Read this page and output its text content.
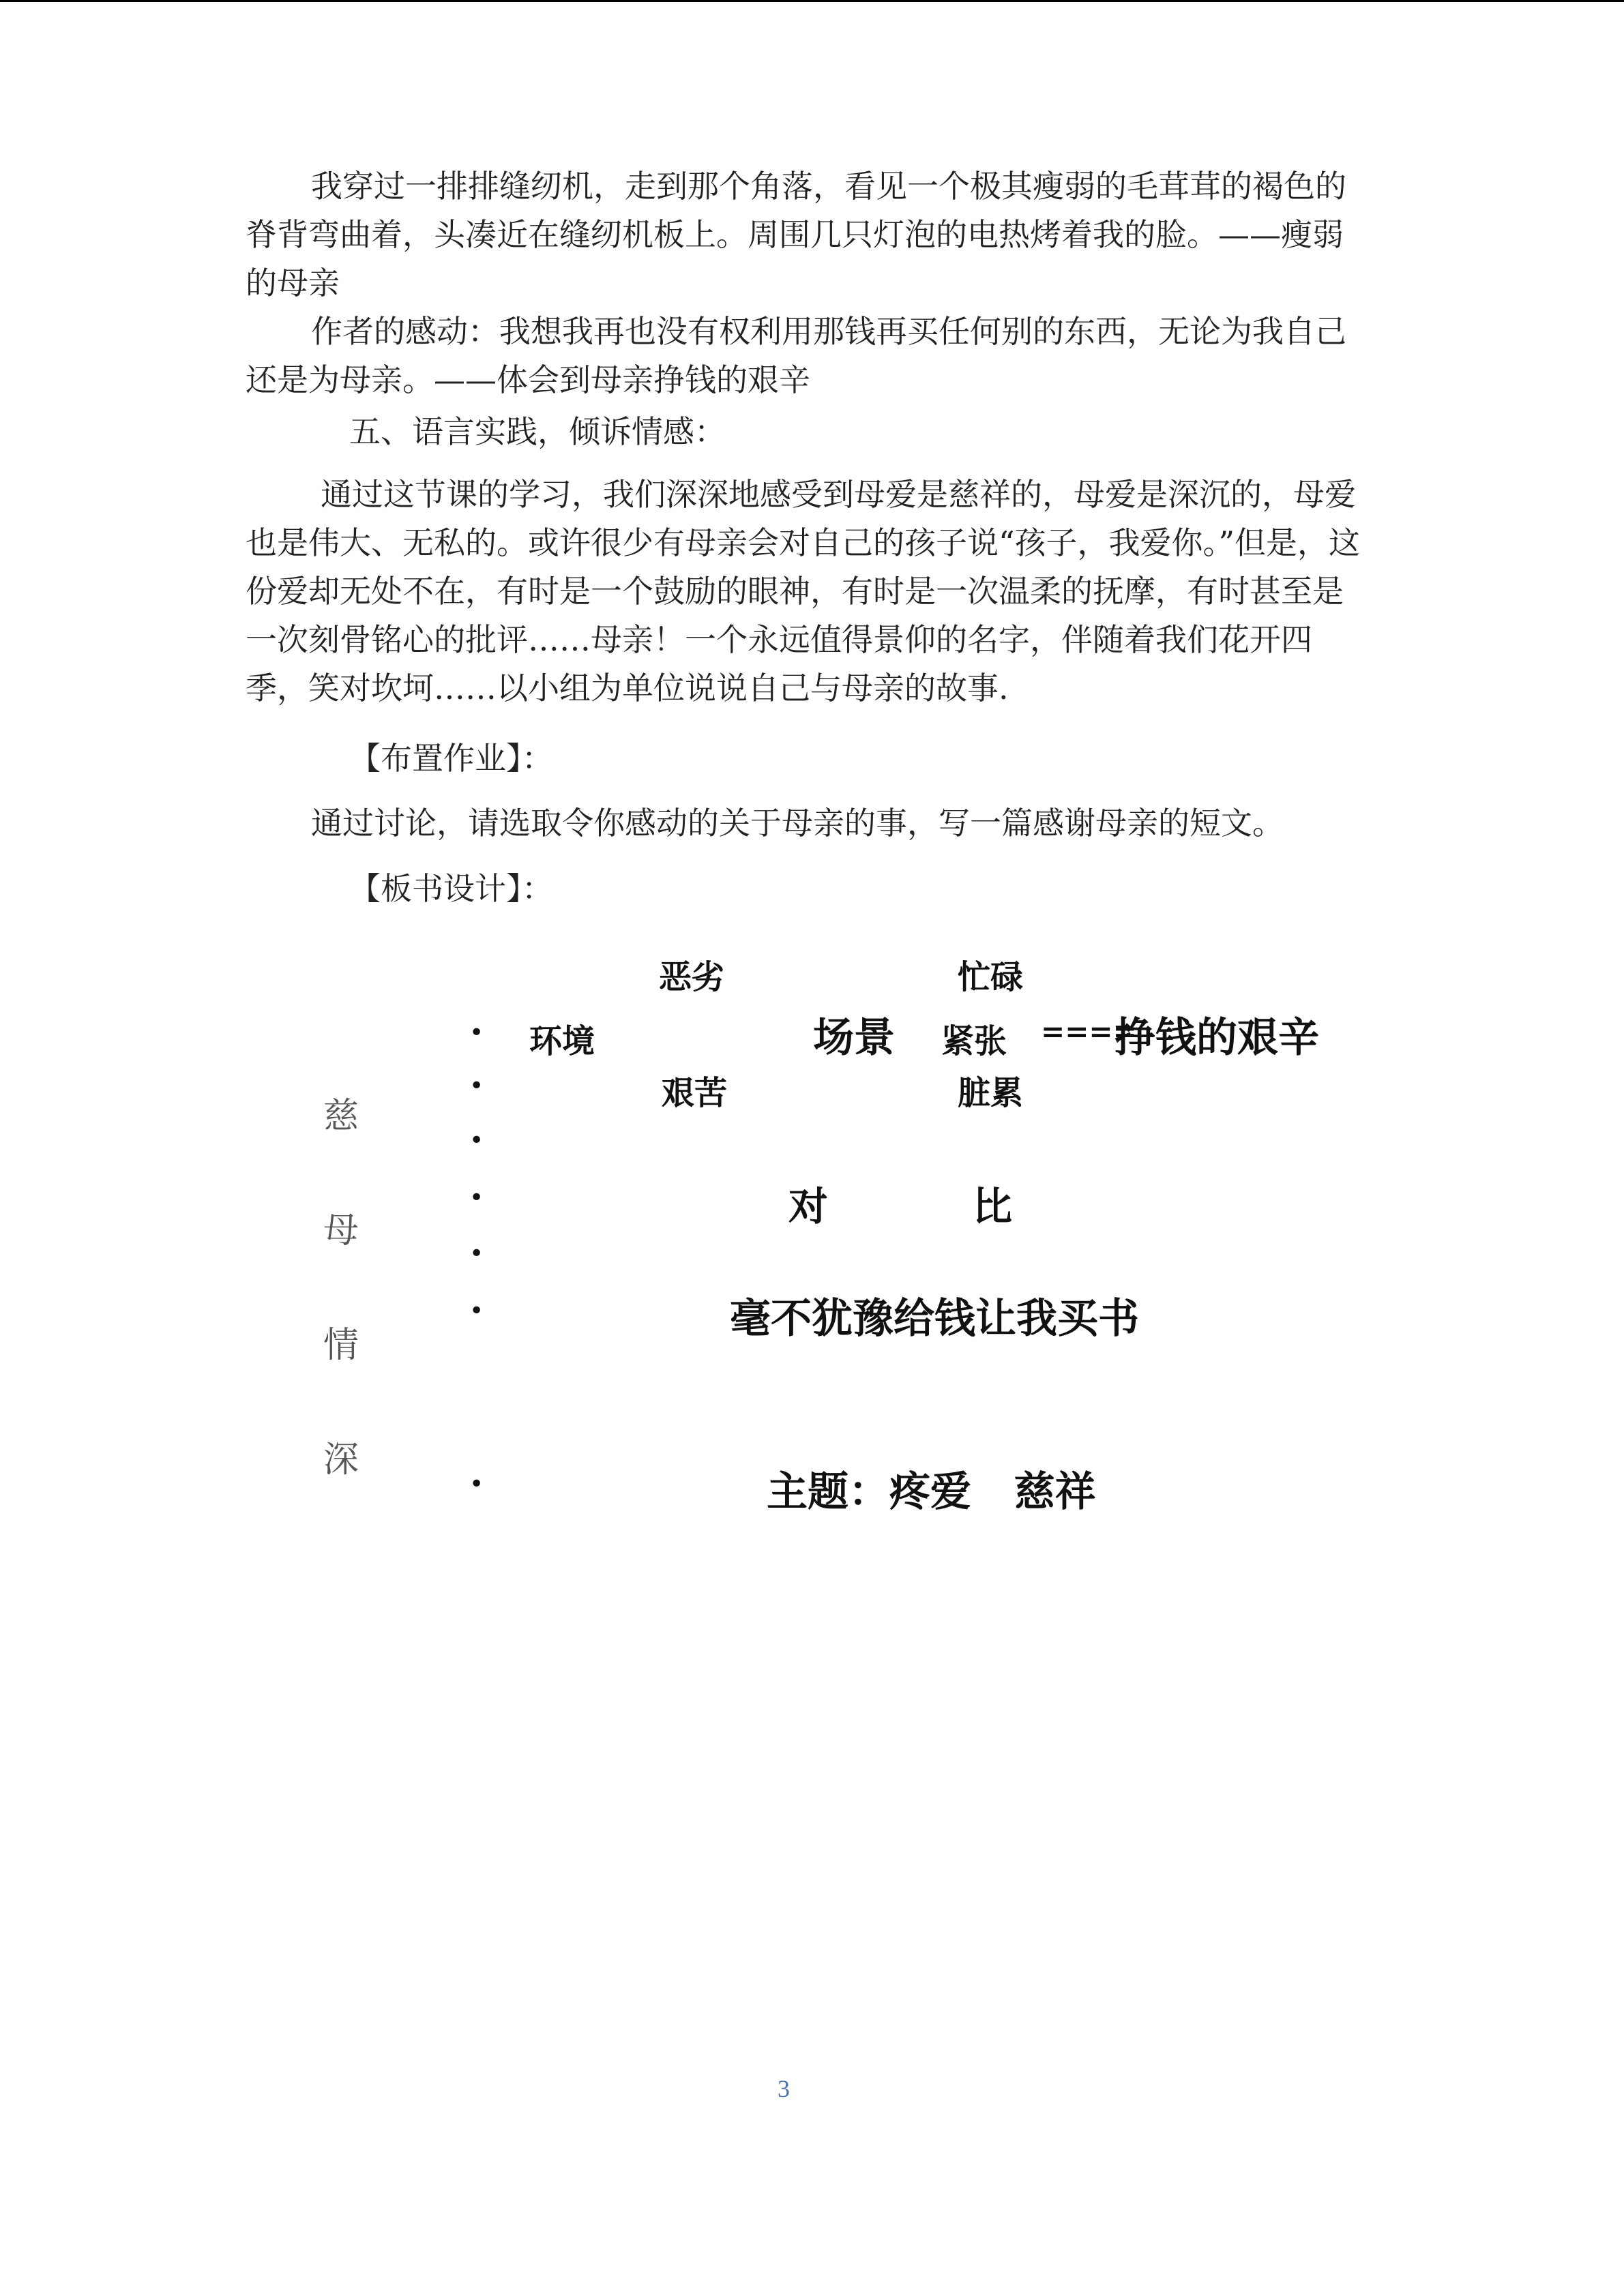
我穿过一排排缝纫机，走到那个角落，看见一个极其瘦弱的毛茸茸的褐色的脊背弯曲着，头凑近在缝纫机板上。周围几只灯泡的电热烤着我的脸。——瘦弱的母亲

作者的感动：我想我再也没有权利用那钱再买任何别的东西，无论为我自己还是为母亲。——体会到母亲挣钱的艰辛

五、语言实践，倾诉情感：

通过这节课的学习，我们深深地感受到母爱是慈祥的，母爱是深沉的，母爱也是伟大、无私的。或许很少有母亲会对自己的孩子说“孩子，我爱你。”但是，这份爱却无处不在，有时是一个鼓励的眼神，有时是一次温柔的抚摩，有时甚至是一次刻骨铭心的批评……母亲！一个永远值得景仰的名字，伴随着我们花开四季，笑对坎坷……以小组为单位说说自己与母亲的故事.

【布置作业】：

通过讨论，请选取令你感动的关于母亲的事，写一篇感谢母亲的短文。

【板书设计】：

慈
母
情
深
恶劣	忙碌
• 环境	场景 紧张 ====
挣钱的艰辛
•	艰苦	脏累
•
•	对	比
•
•	毫不犹豫给钱让我买书
•	主题：疼爱   慈祥
3
